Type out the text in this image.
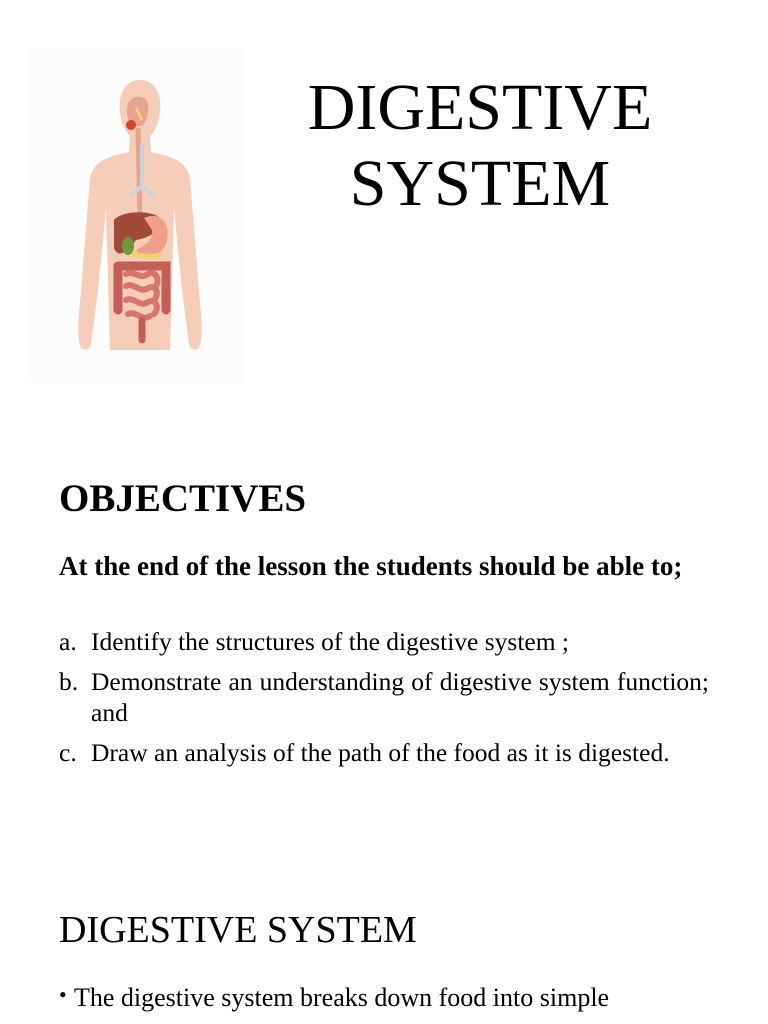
DIGESTIVE
SYSTEM
OBJECTIVES

At the end of the lesson the students should be able to;

a. Identify the structures of the digestive system ;
b. Demonstrate an understanding of digestive system function; and
c. Draw an analysis of the path of the food as it is digested.
DIGESTIVE SYSTEM
• The digestive system breaks down food into simple
